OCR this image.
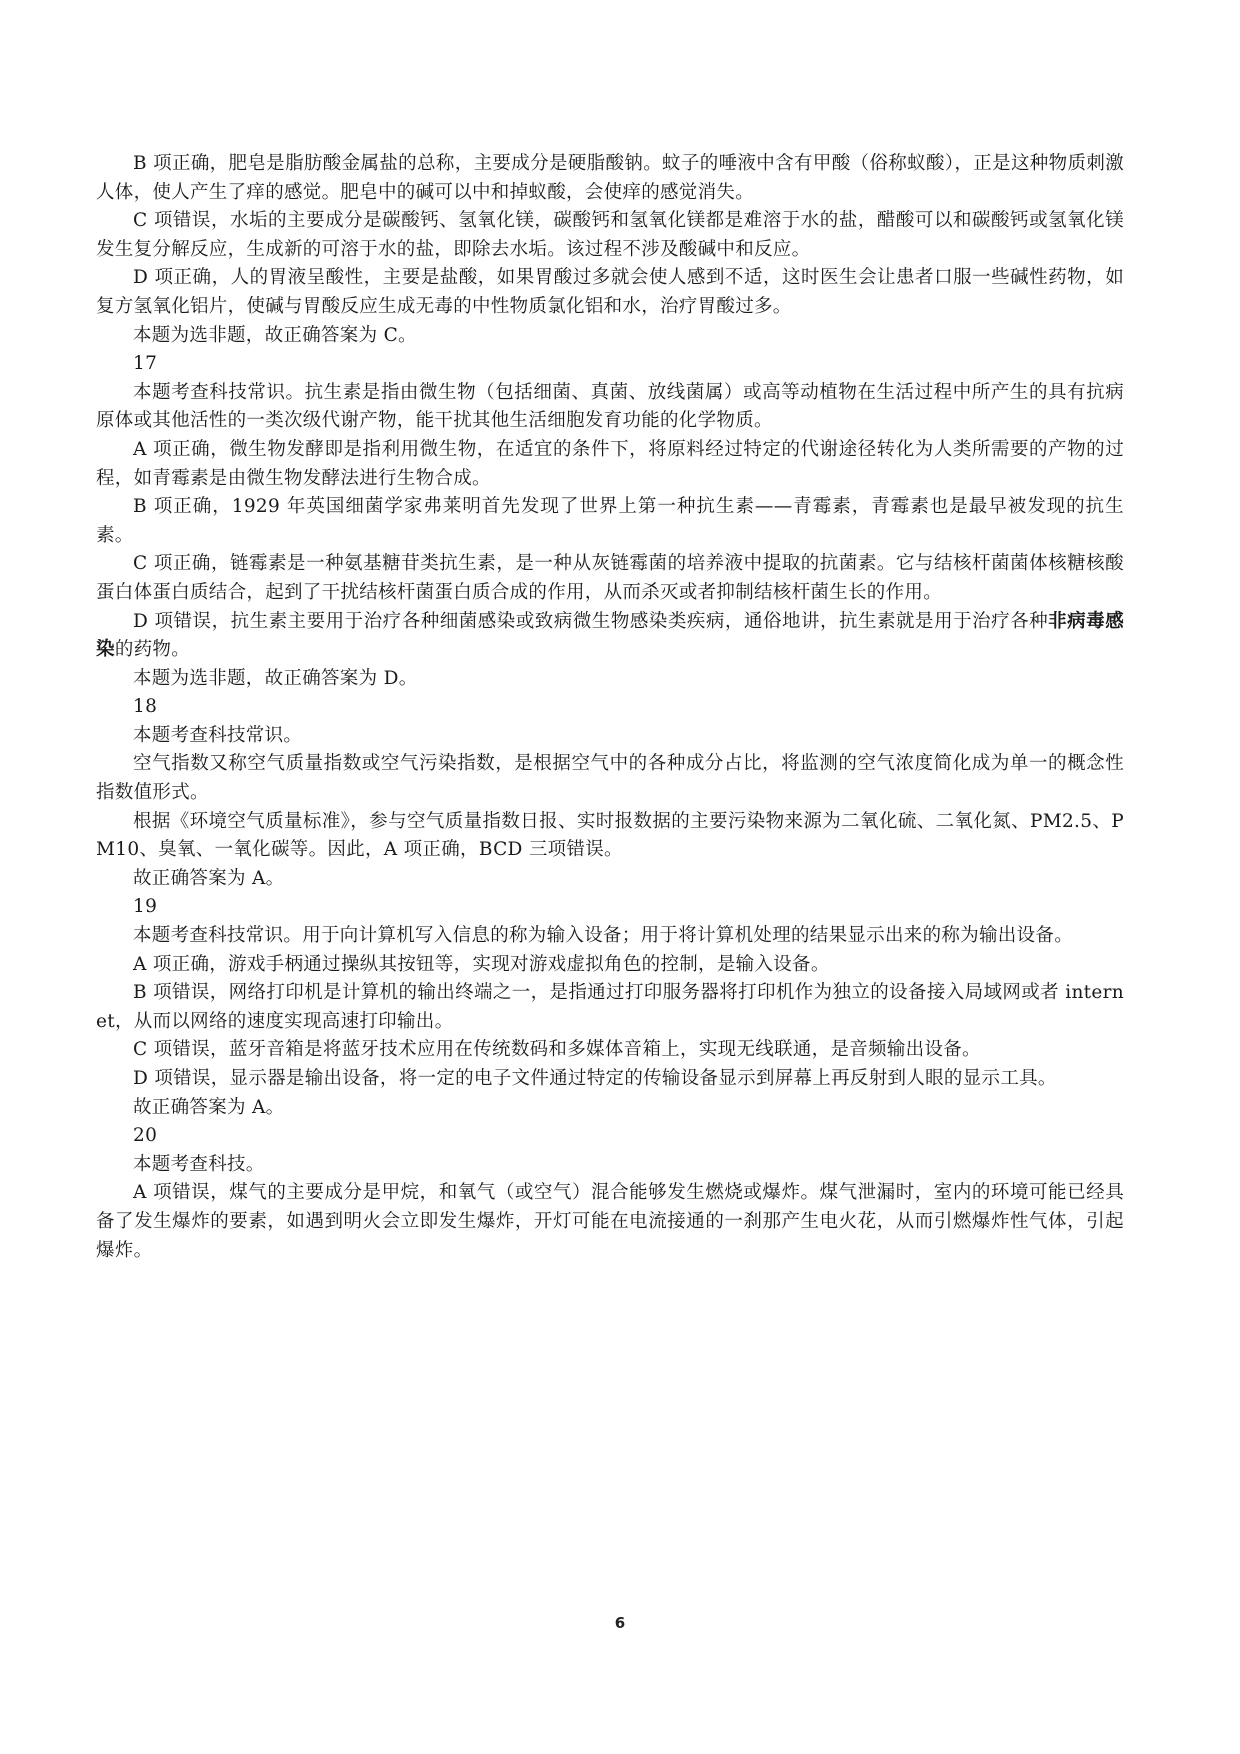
B 项正确，肥皂是脂肪酸金属盐的总称，主要成分是硬脂酸钠。蚊子的唾液中含有甲酸（俗称蚁酸），正是这种物质刺激人体，使人产生了痒的感觉。肥皂中的碱可以中和掉蚁酸，会使痒的感觉消失。

C 项错误，水垢的主要成分是碳酸钙、氢氧化镁，碳酸钙和氢氧化镁都是难溶于水的盐，醋酸可以和碳酸钙或氢氧化镁发生复分解反应，生成新的可溶于水的盐，即除去水垢。该过程不涉及酸碱中和反应。

D 项正确，人的胃液呈酸性，主要是盐酸，如果胃酸过多就会使人感到不适，这时医生会让患者口服一些碱性药物，如复方氢氧化铝片，使碱与胃酸反应生成无毒的中性物质氯化铝和水，治疗胃酸过多。

本题为选非题，故正确答案为 C。

17

本题考查科技常识。抗生素是指由微生物（包括细菌、真菌、放线菌属）或高等动植物在生活过程中所产生的具有抗病原体或其他活性的一类次级代谢产物，能干扰其他生活细胞发育功能的化学物质。

A 项正确，微生物发酵即是指利用微生物，在适宜的条件下，将原料经过特定的代谢途径转化为人类所需要的产物的过程，如青霉素是由微生物发酵法进行生物合成。

B 项正确，1929 年英国细菌学家弗莱明首先发现了世界上第一种抗生素——青霉素，青霉素也是最早被发现的抗生素。

C 项正确，链霉素是一种氨基糖苷类抗生素，是一种从灰链霉菌的培养液中提取的抗菌素。它与结核杆菌菌体核糖核酸蛋白体蛋白质结合，起到了干扰结核杆菌蛋白质合成的作用，从而杀灭或者抑制结核杆菌生长的作用。

D 项错误，抗生素主要用于治疗各种细菌感染或致病微生物感染类疾病，通俗地讲，抗生素就是用于治疗各种非病毒感染的药物。

本题为选非题，故正确答案为 D。

18

本题考查科技常识。

空气指数又称空气质量指数或空气污染指数，是根据空气中的各种成分占比，将监测的空气浓度简化成为单一的概念性指数值形式。

根据《环境空气质量标准》，参与空气质量指数日报、实时报数据的主要污染物来源为二氧化硫、二氧化氮、PM2.5、PM10、臭氧、一氧化碳等。因此，A 项正确，BCD 三项错误。

故正确答案为 A。

19

本题考查科技常识。用于向计算机写入信息的称为输入设备；用于将计算机处理的结果显示出来的称为输出设备。

A 项正确，游戏手柄通过操纵其按钮等，实现对游戏虚拟角色的控制，是输入设备。

B 项错误，网络打印机是计算机的输出终端之一，是指通过打印服务器将打印机作为独立的设备接入局域网或者 internet，从而以网络的速度实现高速打印输出。

C 项错误，蓝牙音箱是将蓝牙技术应用在传统数码和多媒体音箱上，实现无线联通，是音频输出设备。

D 项错误，显示器是输出设备，将一定的电子文件通过特定的传输设备显示到屏幕上再反射到人眼的显示工具。

故正确答案为 A。

20

本题考查科技。

A 项错误，煤气的主要成分是甲烷，和氧气（或空气）混合能够发生燃烧或爆炸。煤气泄漏时，室内的环境可能已经具备了发生爆炸的要素，如遇到明火会立即发生爆炸，开灯可能在电流接通的一刹那产生电火花，从而引燃爆炸性气体，引起爆炸。

6
